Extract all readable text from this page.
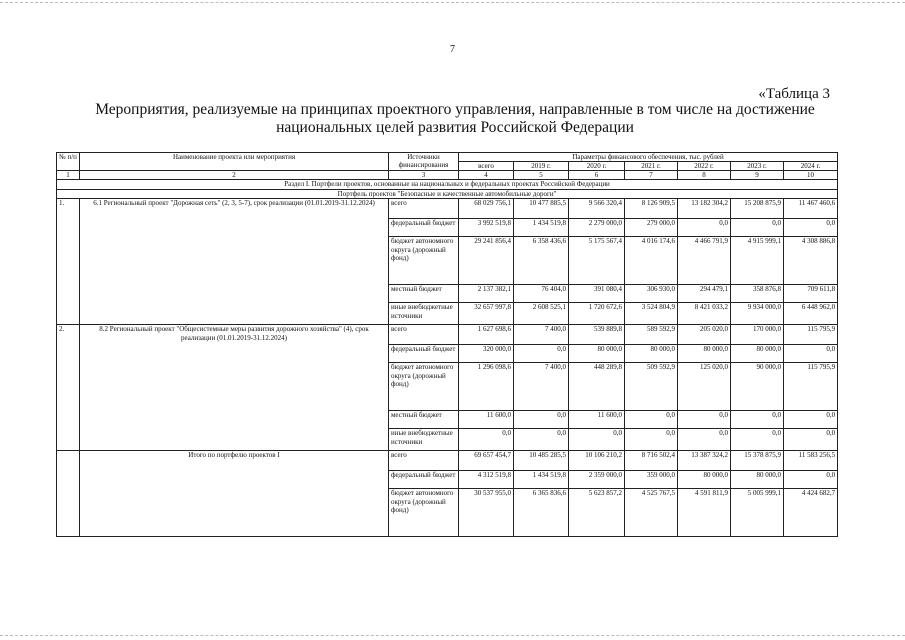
7
«Таблица 3
Мероприятия, реализуемые на принципах проектного управления, направленные в том числе на достижение
национальных целей развития Российской Федерации
№ п/п	Наименование проекта или мероприятия	Источники финансирования	Параметры финансового обеспечения, тыс. рублей						
			всего	2019 г.	2020 г.	2021 г.	2022 г.	2023 г.	2024 г.
1	2	3	4	5	6	7	8	9	10
Раздел I. Портфели проектов, основанные на национальных и федеральных проектах Российской Федерации									
Портфель проектов "Безопасные и качественные автомобильные дороги"									
1.	6.1 Региональный проект "Дорожная сеть" (2, 3, 5-7), срок реализации (01.01.2019-31.12.2024)	всего	68 029 756,1	10 477 885,5	9 566 320,4	8 126 909,5	13 182 304,2	15 208 875,9	11 467 460,6
		федеральный бюджет	3 992 519,8	1 434 519,8	2 279 000,0	279 000,0	0,0	0,0	0,0
		бюджет автономного округа (дорожный фонд)	29 241 856,4	6 358 436,6	5 175 567,4	4 016 174,6	4 466 791,9	4 915 999,1	4 308 886,8
		местный бюджет	2 137 382,1	76 404,0	391 080,4	306 930,0	294 479,1	358 876,8	709 611,8
		иные внебюджетные источники	32 657 997,8	2 608 525,1	1 720 672,6	3 524 804,9	8 421 033,2	9 934 000,0	6 448 962,0
2.	8.2 Региональный проект "Общесистемные меры развития дорожного хозяйства" (4), срок реализации (01.01.2019-31.12.2024)	всего	1 627 698,6	7 400,0	539 889,8	589 592,9	205 020,0	170 000,0	115 795,9
		федеральный бюджет	320 000,0	0,0	80 000,0	80 000,0	80 000,0	80 000,0	0,0
		бюджет автономного округа (дорожный фонд)	1 296 098,6	7 400,0	448 289,8	509 592,9	125 020,0	90 000,0	115 795,9
		местный бюджет	11 600,0	0,0	11 600,0	0,0	0,0	0,0	0,0
		иные внебюджетные источники	0,0	0,0	0,0	0,0	0,0	0,0	0,0
	Итого по портфелю проектов I	всего	69 657 454,7	10 485 285,5	10 106 210,2	8 716 502,4	13 387 324,2	15 378 875,9	11 583 256,5
		федеральный бюджет	4 312 519,8	1 434 519,8	2 359 000,0	359 000,0	80 000,0	80 000,0	0,0
		бюджет автономного округа (дорожный фонд)	30 537 955,0	6 365 836,6	5 623 857,2	4 525 767,5	4 591 811,9	5 005 999,1	4 424 682,7
